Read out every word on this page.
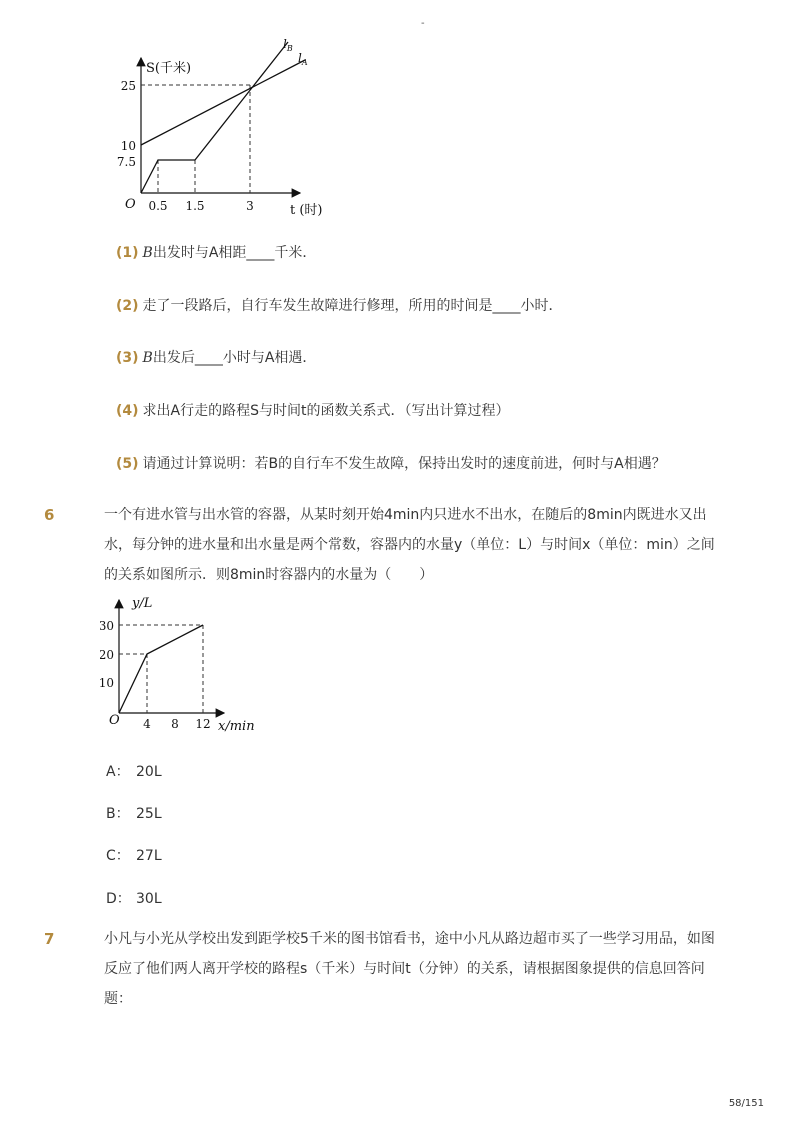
-
S(千米)
25
10
7.5
O 0.5 1.5	3	t (时)
$l_B$
$l_A$
(1) B出发时与A相距____千米．
(2) 走了一段路后，自行车发生故障进行修理，所用的时间是____小时．
(3) B出发后____小时与A相遇．
(4) 求出A行走的路程S与时间t的函数关系式．（写出计算过程）
(5) 请通过计算说明：若B的自行车不发生故障，保持出发时的速度前进，何时与A相遇？
6	一个有进水管与出水管的容器，从某时刻开始4min内只进水不出水，在随后的8min内既进水又出水，每分钟的进水量和出水量是两个常数，容器内的水量y（单位：L）与时间x（单位：min）之间的关系如图所示．则8min时容器内的水量为（　　）
y/L
30
20
10
O 4 8 12 x/min
A： 20L
B： 25L
C： 27L
D： 30L
7	小凡与小光从学校出发到距学校5千米的图书馆看书，途中小凡从路边超市买了一些学习用品，如图反应了他们两人离开学校的路程s（千米）与时间t（分钟）的关系，请根据图象提供的信息回答问题：
58/151
